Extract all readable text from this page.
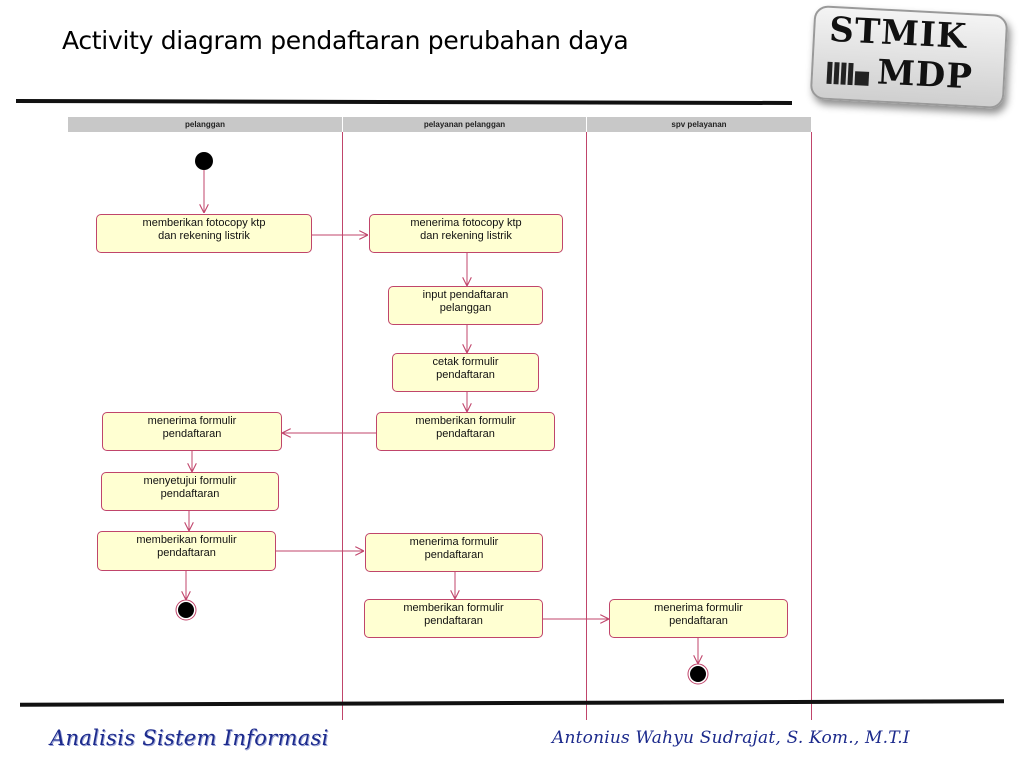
Activity diagram pendaftaran perubahan daya	STMIK
MDP
pelanggan	pelayanan pelanggan	spv pelayanan
memberikan fotocopy ktp
dan rekening listrik
menerima fotocopy ktp
dan rekening listrik
input pendaftaran
pelanggan
cetak formulir
pendaftaran
memberikan formulir
pendaftaran
menerima formulir
pendaftaran
menyetujui formulir
pendaftaran
memberikan formulir
pendaftaran
menerima formulir
pendaftaran
memberikan formulir
pendaftaran
menerima formulir
pendaftaran
Analisis Sistem Informasi	Antonius Wahyu Sudrajat, S. Kom., M.T.I
